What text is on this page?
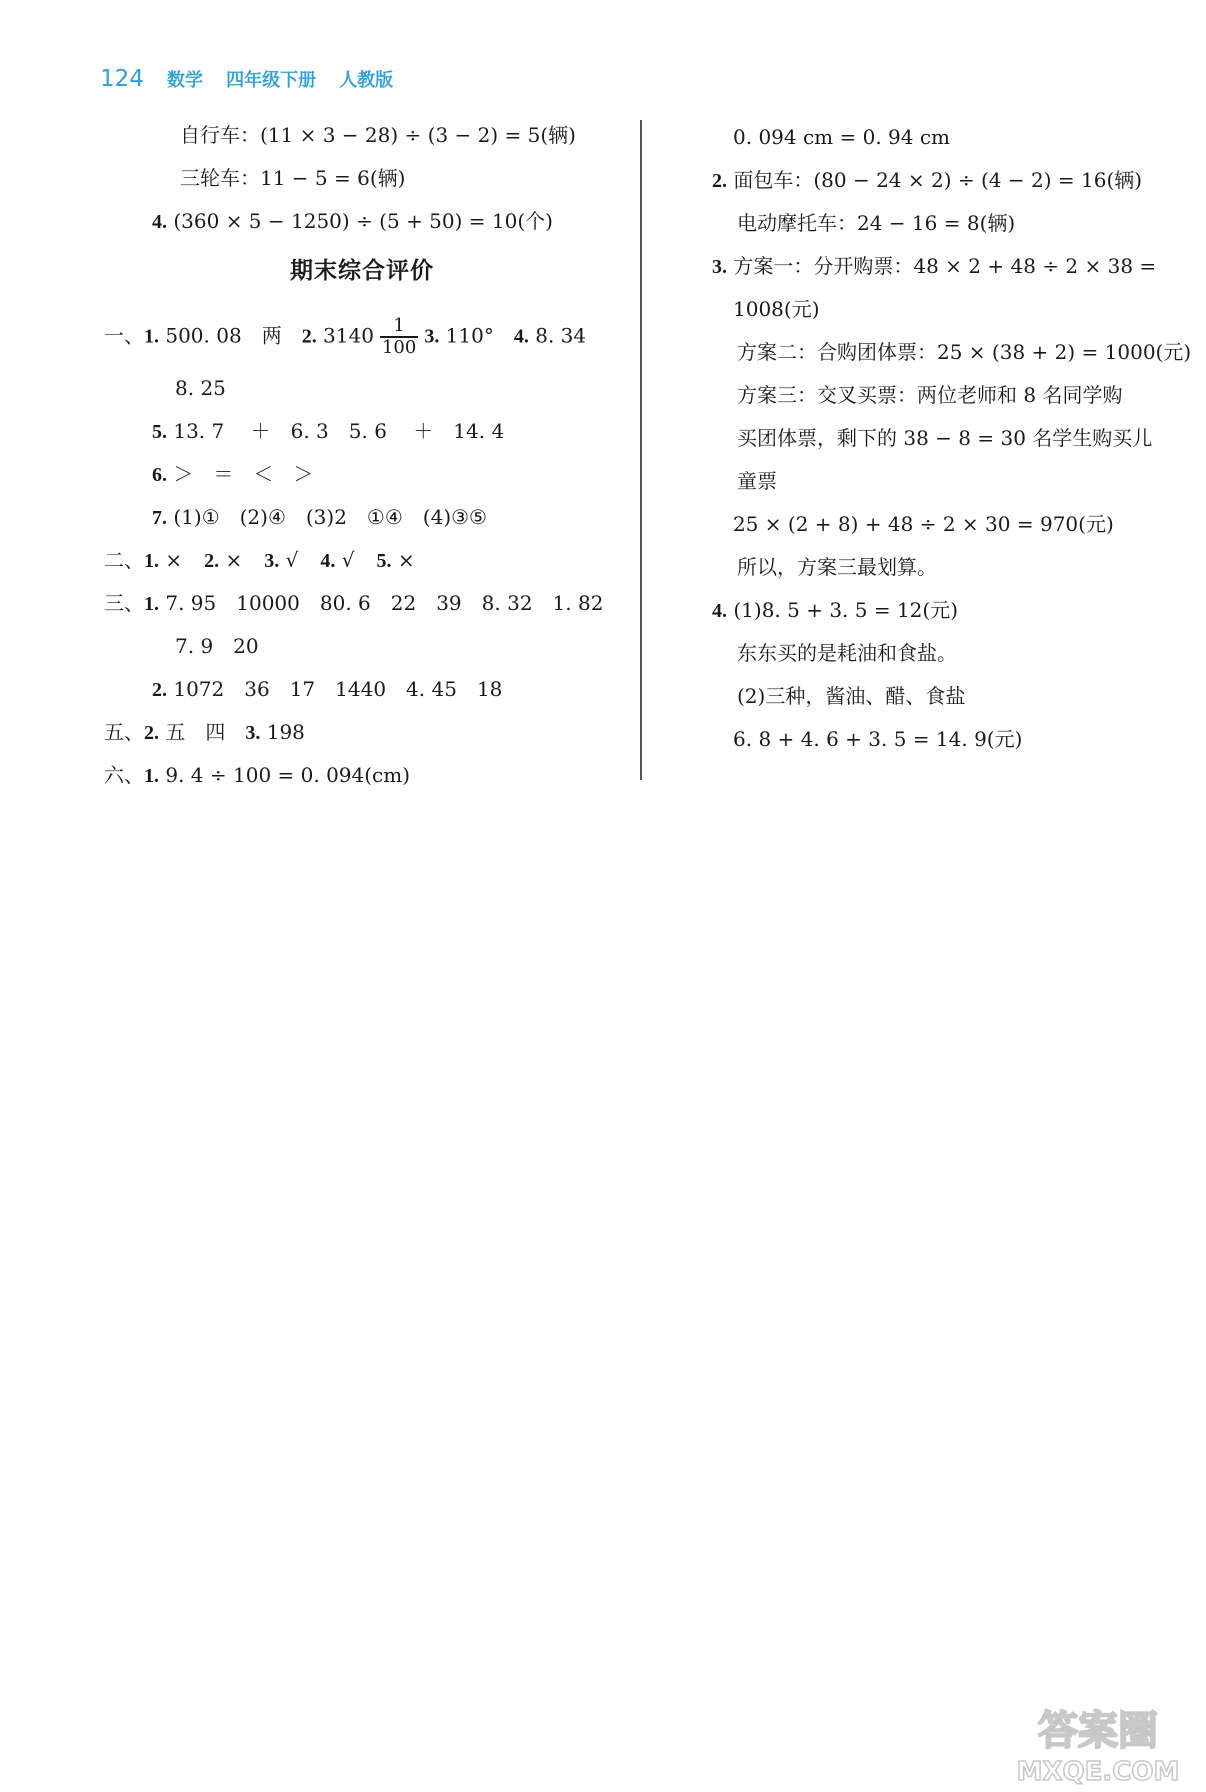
124 数学 四年级下册 人教版
自行车：(11 × 3 − 28) ÷ (3 − 2) = 5(辆)
三轮车：11 − 5 = 6(辆)
4. (360 × 5 − 1250) ÷ (5 + 50) = 10(个)
期末综合评价
一、1. 500. 08　两　2. $3140 \frac{1}{100} 3$. 110°　4. 8. 34
8. 25
5. 13. 7　 ＋　6. 3　5. 6　 ＋　14. 4
6. ＞　＝　＜　＞
7. (1)①　(2)④　(3)2　①④　(4)③⑤
二、1. × 2. × 3. √ 4. √ 5. ×
三、1. 7. 95　10000　80. 6　22　39　8. 32　1. 82
7. 9　20
2. 1072　36　17　1440　4. 45　18
五、2. 五　四　3. 198
六、1. 9. 4 ÷ 100 = 0. 094(cm)
0. 094 cm = 0. 94 cm
2. 面包车：(80 − 24 × 2) ÷ (4 − 2) = 16(辆)
电动摩托车：24 − 16 = 8(辆)
3. 方案一：分开购票：48 × 2 + 48 ÷ 2 × 38 =
1008(元)
方案二：合购团体票：25 × (38 + 2) = 1000(元)
方案三：交叉买票：两位老师和 8 名同学购
买团体票，剩下的 38 − 8 = 30 名学生购买儿
童票
25 × (2 + 8) + 48 ÷ 2 × 30 = 970(元)
所以，方案三最划算。
4. (1)8. 5 + 3. 5 = 12(元)
东东买的是耗油和食盐。
(2)三种，酱油、醋、食盐
6. 8 + 4. 6 + 3. 5 = 14. 9(元)
答案圈
MXQE.COM
